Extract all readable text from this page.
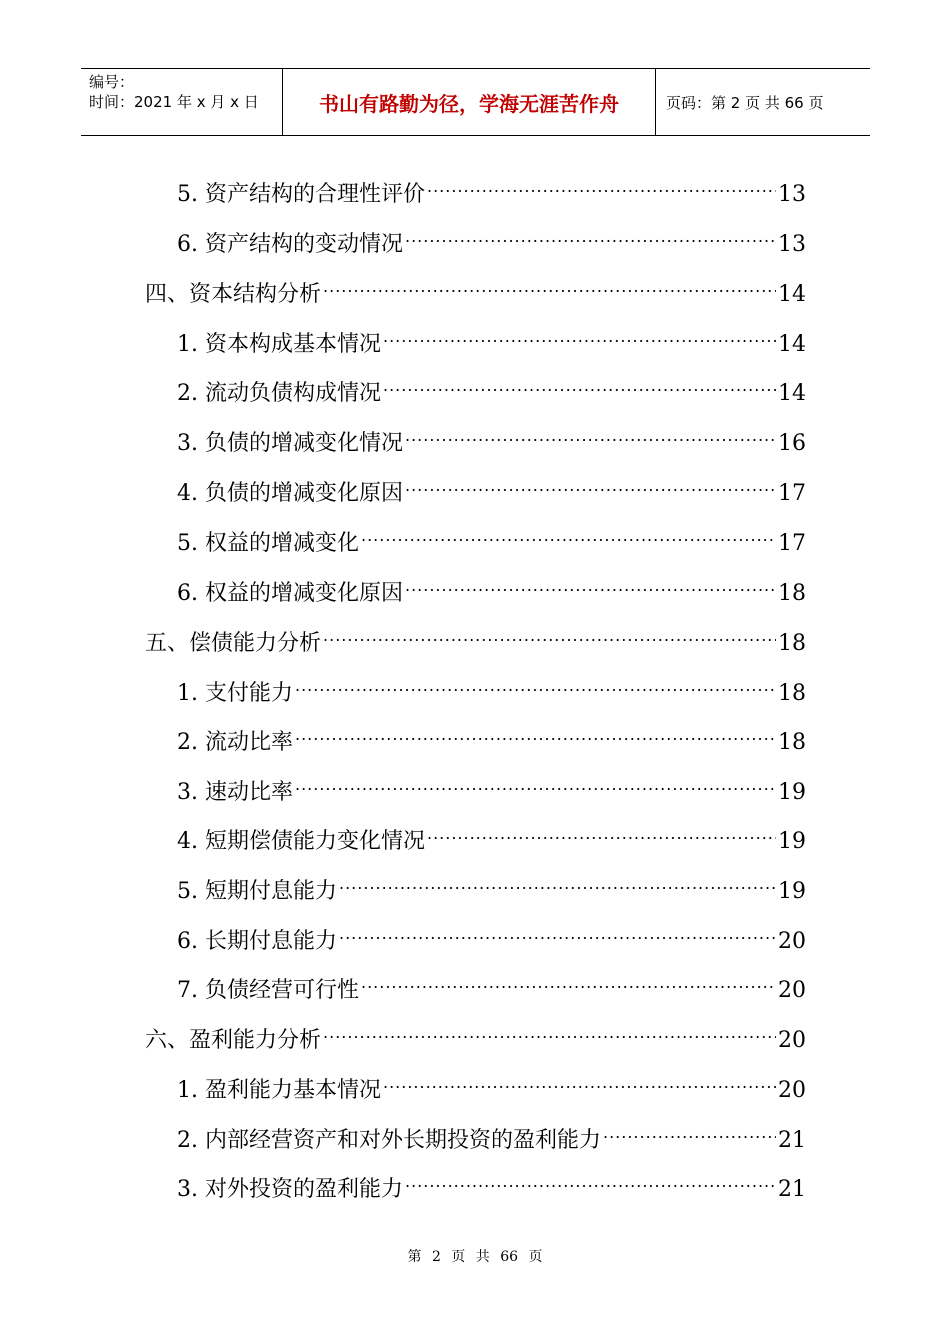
编号：
时间：2021 年 x 月 x 日	书山有路勤为径，学海无涯苦作舟	页码：第 2 页 共 66 页
5. 资产结构的合理性评价 .....	13
6. 资产结构的变动情况 .....	13
四、资本结构分析 .....	14
1. 资本构成基本情况 .....	14
2. 流动负债构成情况 .....	14
3. 负债的增减变化情况 .....	16
4. 负债的增减变化原因 .....	17
5. 权益的增减变化 .....	17
6. 权益的增减变化原因 .....	18
五、偿债能力分析 .....	18
1. 支付能力 .....	18
2. 流动比率 .....	18
3. 速动比率 .....	19
4. 短期偿债能力变化情况 .....	19
5. 短期付息能力 .....	19
6. 长期付息能力 .....	20
7. 负债经营可行性 .....	20
六、盈利能力分析 .....	20
1. 盈利能力基本情况 .....	20
2. 内部经营资产和对外长期投资的盈利能力 .....	21
3. 对外投资的盈利能力 .....	21
第 2 页 共 66 页
